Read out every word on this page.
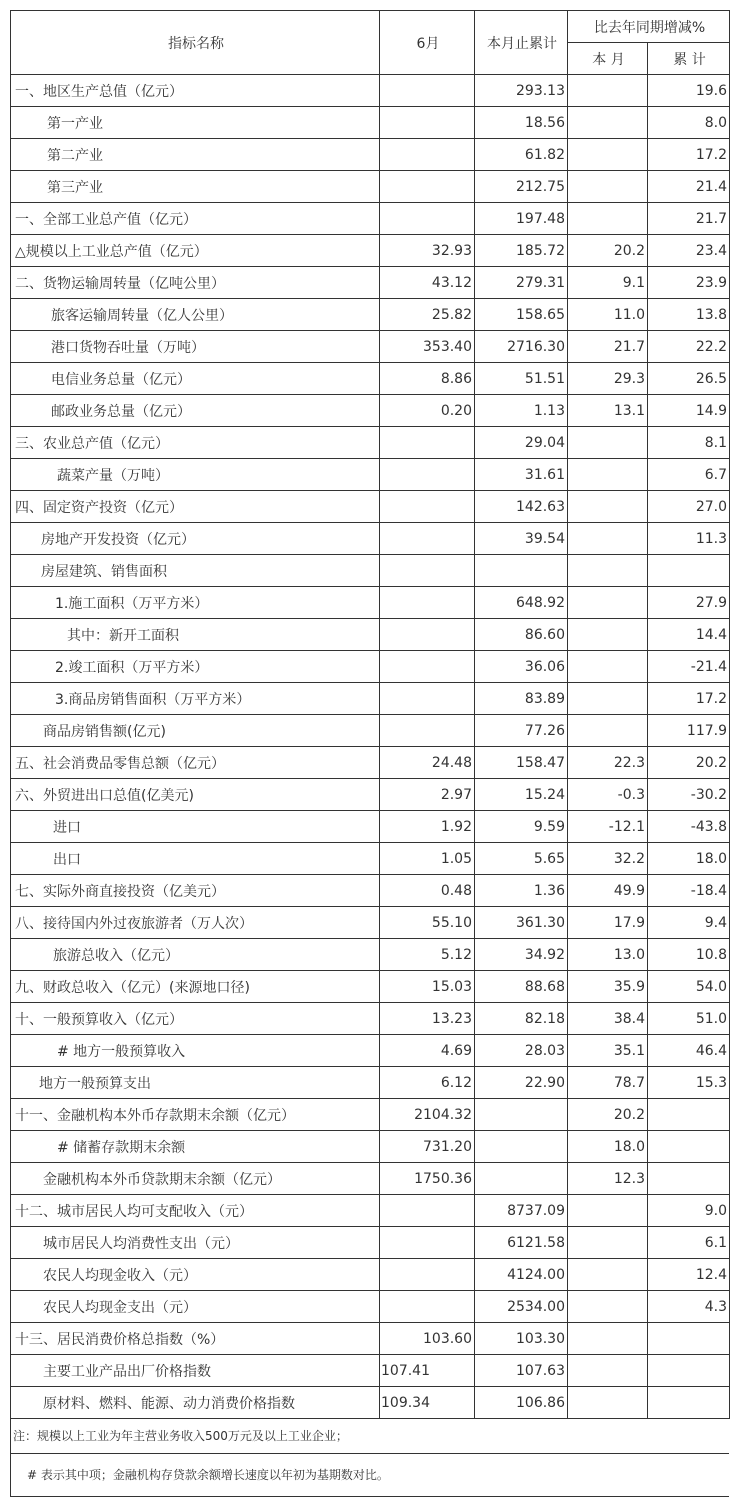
指标名称	6月	本月止累计	比去年同期增减%	
			本 月	累 计
一、地区生产总值（亿元）		293.13		19.6
第一产业		18.56		8.0
第二产业		61.82		17.2
第三产业		212.75		21.4
一、全部工业总产值（亿元）		197.48		21.7
△规模以上工业总产值（亿元）	32.93	185.72	20.2	23.4
二、货物运输周转量（亿吨公里）	43.12	279.31	9.1	23.9
旅客运输周转量（亿人公里）	25.82	158.65	11.0	13.8
港口货物吞吐量（万吨）	353.40	2716.30	21.7	22.2
电信业务总量（亿元）	8.86	51.51	29.3	26.5
邮政业务总量（亿元）	0.20	1.13	13.1	14.9
三、农业总产值（亿元）		29.04		8.1
蔬菜产量（万吨）		31.61		6.7
四、固定资产投资（亿元）		142.63		27.0
房地产开发投资（亿元）		39.54		11.3
房屋建筑、销售面积				
1.施工面积（万平方米）		648.92		27.9
其中：新开工面积		86.60		14.4
2.竣工面积（万平方米）		36.06		-21.4
3.商品房销售面积（万平方米）		83.89		17.2
商品房销售额(亿元)		77.26		117.9
五、社会消费品零售总额（亿元）	24.48	158.47	22.3	20.2
六、外贸进出口总值(亿美元)	2.97	15.24	-0.3	-30.2
进口	1.92	9.59	-12.1	-43.8
出口	1.05	5.65	32.2	18.0
七、实际外商直接投资（亿美元）	0.48	1.36	49.9	-18.4
八、接待国内外过夜旅游者（万人次）	55.10	361.30	17.9	9.4
旅游总收入（亿元）	5.12	34.92	13.0	10.8
九、财政总收入（亿元）(来源地口径)	15.03	88.68	35.9	54.0
十、一般预算收入（亿元）	13.23	82.18	38.4	51.0
# 地方一般预算收入	4.69	28.03	35.1	46.4
地方一般预算支出	6.12	22.90	78.7	15.3
十一、金融机构本外币存款期末余额（亿元）	2104.32		20.2	
# 储蓄存款期末余额	731.20		18.0	
金融机构本外币贷款期末余额（亿元）	1750.36		12.3	
十二、城市居民人均可支配收入（元）		8737.09		9.0
城市居民人均消费性支出（元）		6121.58		6.1
农民人均现金收入（元）		4124.00		12.4
农民人均现金支出（元）		2534.00		4.3
十三、居民消费价格总指数（%）	103.60	103.30		
主要工业产品出厂价格指数	107.41	107.63		
原材料、燃料、能源、动力消费价格指数	109.34	106.86		
注：规模以上工业为年主营业务收入500万元及以上工业企业；
# 表示其中项；金融机构存贷款余额增长速度以年初为基期数对比。
